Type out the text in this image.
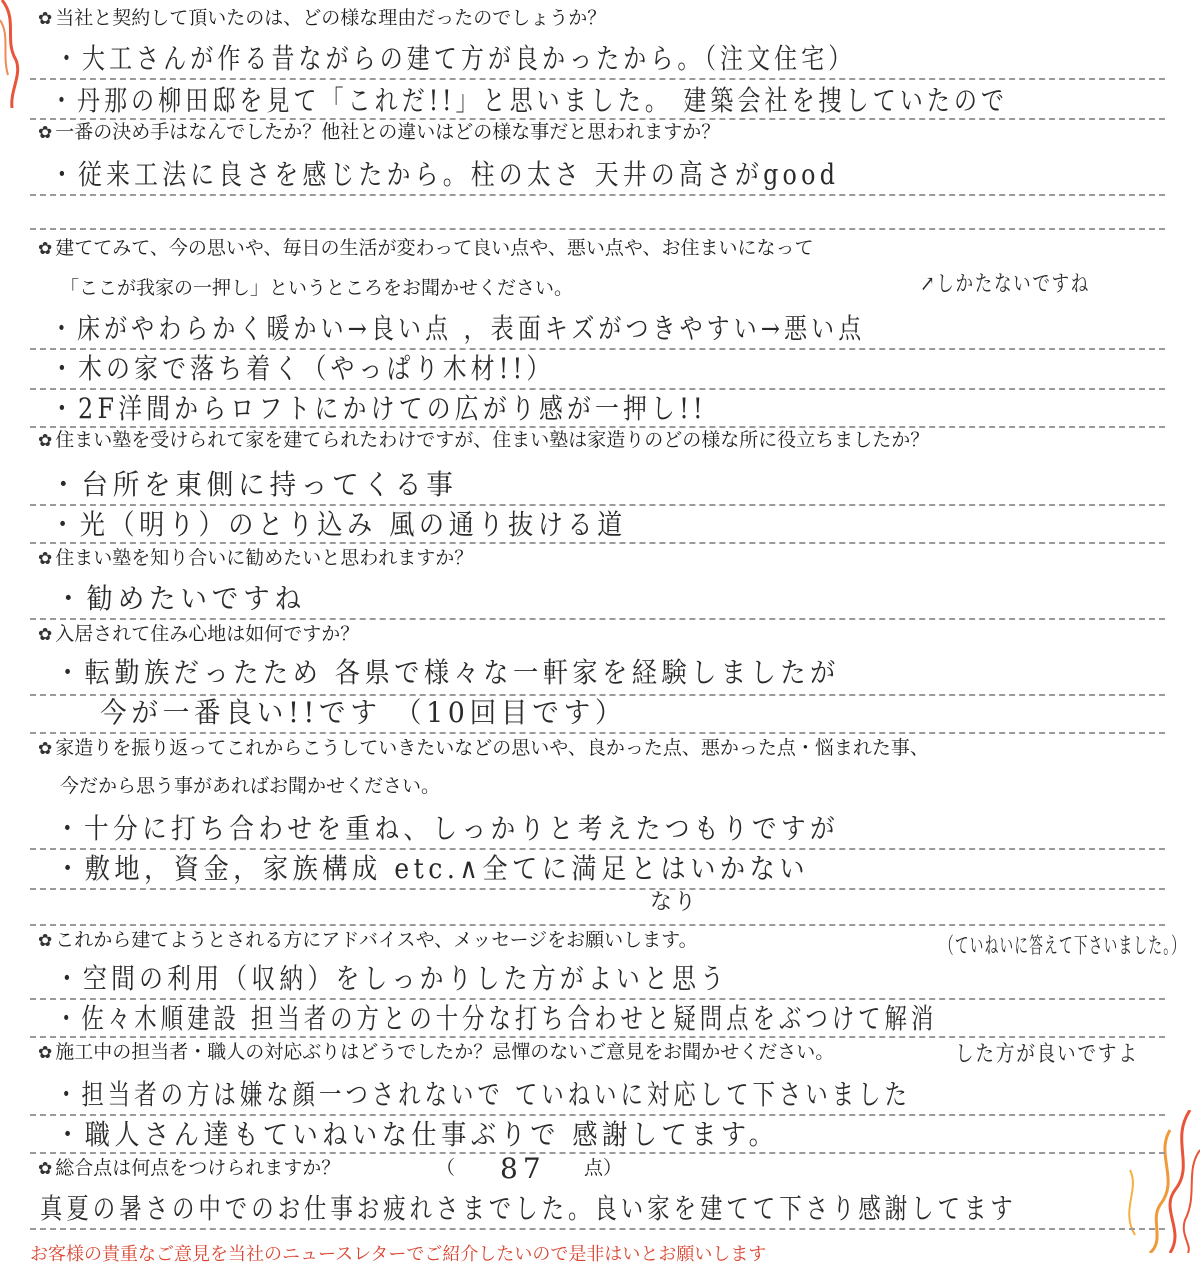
✿ 当社と契約して頂いたのは、どの様な理由だったのでしょうか？
・大工さんが作る昔ながらの建て方が良かったから。（注文住宅）
・丹那の柳田邸を見て「これだ!!」と思いました。 建築会社を捜していたので
✿ 一番の決め手はなんでしたか？他社との違いはどの様な事だと思われますか？
・従来工法に良さを感じたから。柱の太さ 天井の高さがgood
✿ 建ててみて、今の思いや、毎日の生活が変わって良い点や、悪い点や、お住まいになって
「ここが我家の一押し」というところをお聞かせください。	↗しかたないですね
・床がやわらかく暖かい→良い点 ，表面キズがつきやすい→悪い点
・木の家で落ち着く（やっぱり木材!!）
・2F洋間からロフトにかけての広がり感が一押し!!
✿ 住まい塾を受けられて家を建てられたわけですが、住まい塾は家造りのどの様な所に役立ちましたか？
・台所を東側に持ってくる事
・光（明り）のとり込み 風の通り抜ける道
✿ 住まい塾を知り合いに勧めたいと思われますか？
・勧めたいですね
✿ 入居されて住み心地は如何ですか？
・転勤族だったため 各県で様々な一軒家を経験しましたが
今が一番良い!!です （10回目です）
✿ 家造りを振り返ってこれからこうしていきたいなどの思いや、良かった点、悪かった点・悩まれた事、
今だから思う事があればお聞かせください。
・十分に打ち合わせを重ね、しっかりと考えたつもりですが
・敷地，資金，家族構成 etc.∧全てに満足とはいかない
なり
✿ これから建てようとされる方にアドバイスや、メッセージをお願いします。	（ていねいに答えて下さいました。）
・空間の利用（収納）をしっかりした方がよいと思う
・佐々木順建設 担当者の方との十分な打ち合わせと疑問点をぶつけて解消
✿ 施工中の担当者・職人の対応ぶりはどうでしたか？忌憚のないご意見をお聞かせください。	した方が良いですよ
・担当者の方は嫌な顔一つされないで ていねいに対応して下さいました
・職人さん達もていねいな仕事ぶりで 感謝してます。
✿ 総合点は何点をつけられますか？	（ 87 点）
真夏の暑さの中でのお仕事お疲れさまでした。良い家を建てて下さり感謝してます
お客様の貴重なご意見を当社のニュースレターでご紹介したいので是非はいとお願いします
